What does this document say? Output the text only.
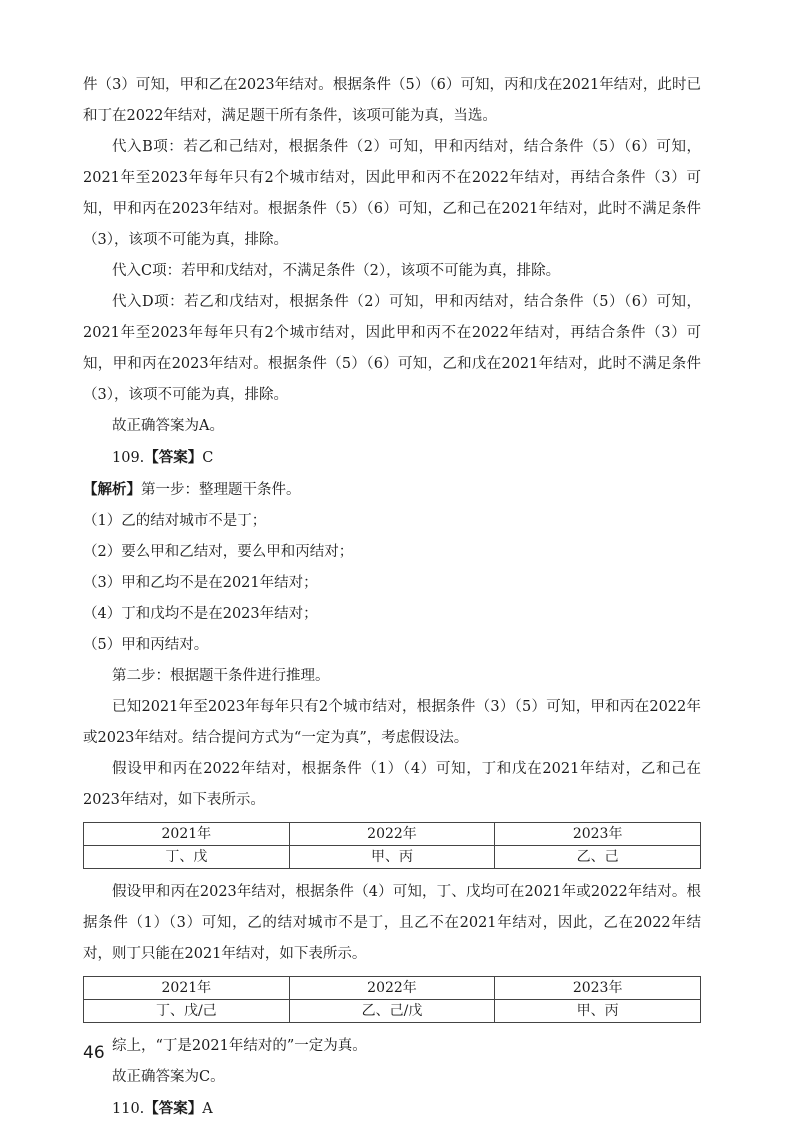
件（3）可知，甲和乙在2023年结对。根据条件（5）（6）可知，丙和戊在2021年结对，此时已和丁在2022年结对，满足题干所有条件，该项可能为真，当选。

代入B项：若乙和己结对，根据条件（2）可知，甲和丙结对，结合条件（5）（6）可知，2021年至2023年每年只有2个城市结对，因此甲和丙不在2022年结对，再结合条件（3）可知，甲和丙在2023年结对。根据条件（5）（6）可知，乙和己在2021年结对，此时不满足条件（3），该项不可能为真，排除。

代入C项：若甲和戊结对，不满足条件（2），该项不可能为真，排除。

代入D项：若乙和戊结对，根据条件（2）可知，甲和丙结对，结合条件（5）（6）可知，2021年至2023年每年只有2个城市结对，因此甲和丙不在2022年结对，再结合条件（3）可知，甲和丙在2023年结对。根据条件（5）（6）可知，乙和戊在2021年结对，此时不满足条件（3），该项不可能为真，排除。

故正确答案为A。

109.【答案】C

【解析】第一步：整理题干条件。

（1）乙的结对城市不是丁；

（2）要么甲和乙结对，要么甲和丙结对；

（3）甲和乙均不是在2021年结对；

（4）丁和戊均不是在2023年结对；

（5）甲和丙结对。

第二步：根据题干条件进行推理。

已知2021年至2023年每年只有2个城市结对，根据条件（3）（5）可知，甲和丙在2022年或2023年结对。结合提问方式为“一定为真”，考虑假设法。

假设甲和丙在2022年结对，根据条件（1）（4）可知，丁和戊在2021年结对，乙和己在2023年结对，如下表所示。

2021年	2022年	2023年
丁、戊	甲、丙	乙、己

假设甲和丙在2023年结对，根据条件（4）可知，丁、戊均可在2021年或2022年结对。根据条件（1）（3）可知，乙的结对城市不是丁，且乙不在2021年结对，因此，乙在2022年结对，则丁只能在2021年结对，如下表所示。

2021年	2022年	2023年
丁、戊/己	乙、己/戊	甲、丙

综上，“丁是2021年结对的”一定为真。

故正确答案为C。

110.【答案】A

46
